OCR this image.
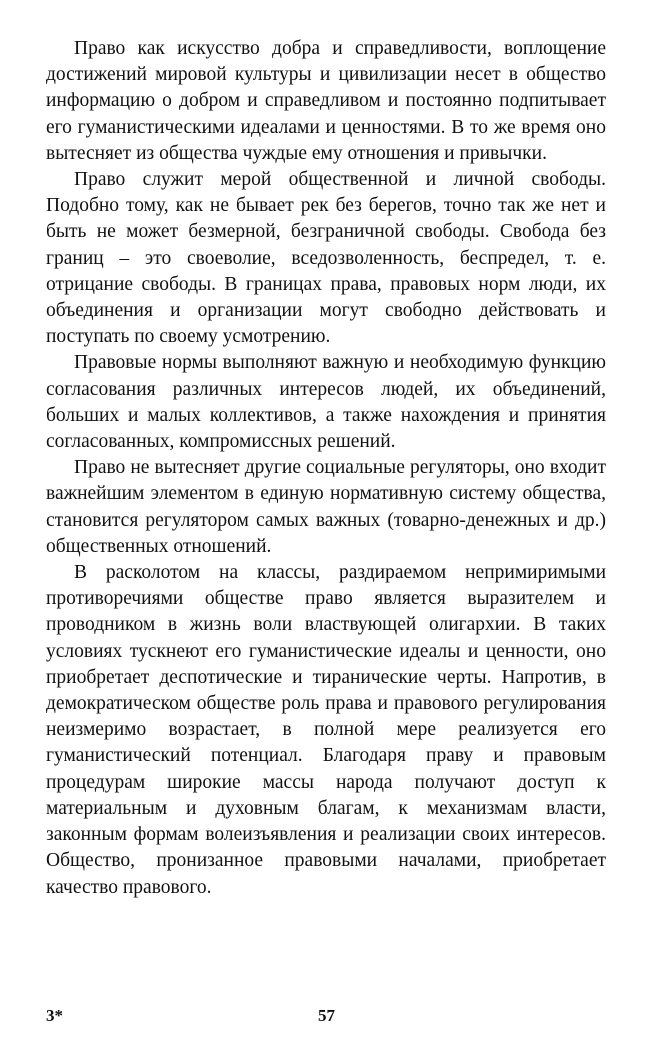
Право как искусство добра и справедливости, воплощение достижений мировой культуры и цивилизации несет в общество информацию о добром и справедливом и постоянно подпитывает его гуманистическими идеалами и ценностями. В то же время оно вытесняет из общества чуждые ему отношения и привычки.

Право служит мерой общественной и личной свободы. Подобно тому, как не бывает рек без берегов, точно так же нет и быть не может безмерной, безграничной свободы. Свобода без границ – это своеволие, вседозволенность, беспредел, т. е. отрицание свободы. В границах права, правовых норм люди, их объединения и организации могут свободно действовать и поступать по своему усмотрению.

Правовые нормы выполняют важную и необходимую функцию согласования различных интересов людей, их объединений, больших и малых коллективов, а также нахождения и принятия согласованных, компромиссных решений.

Право не вытесняет другие социальные регуляторы, оно входит важнейшим элементом в единую нормативную систему общества, становится регулятором самых важных (товарно-денежных и др.) общественных отношений.

В расколотом на классы, раздираемом непримиримыми противоречиями обществе право является выразителем и проводником в жизнь воли властвующей олигархии. В таких условиях тускнеют его гуманистические идеалы и ценности, оно приобретает деспотические и тиранические черты. Напротив, в демократическом обществе роль права и правового регулирования неизмеримо возрастает, в полной мере реализуется его гуманистический потенциал. Благодаря праву и правовым процедурам широкие массы народа получают доступ к материальным и духовным благам, к механизмам власти, законным формам волеизъявления и реализации своих интересов. Общество, пронизанное правовыми началами, приобретает качество правового.

3*	57
